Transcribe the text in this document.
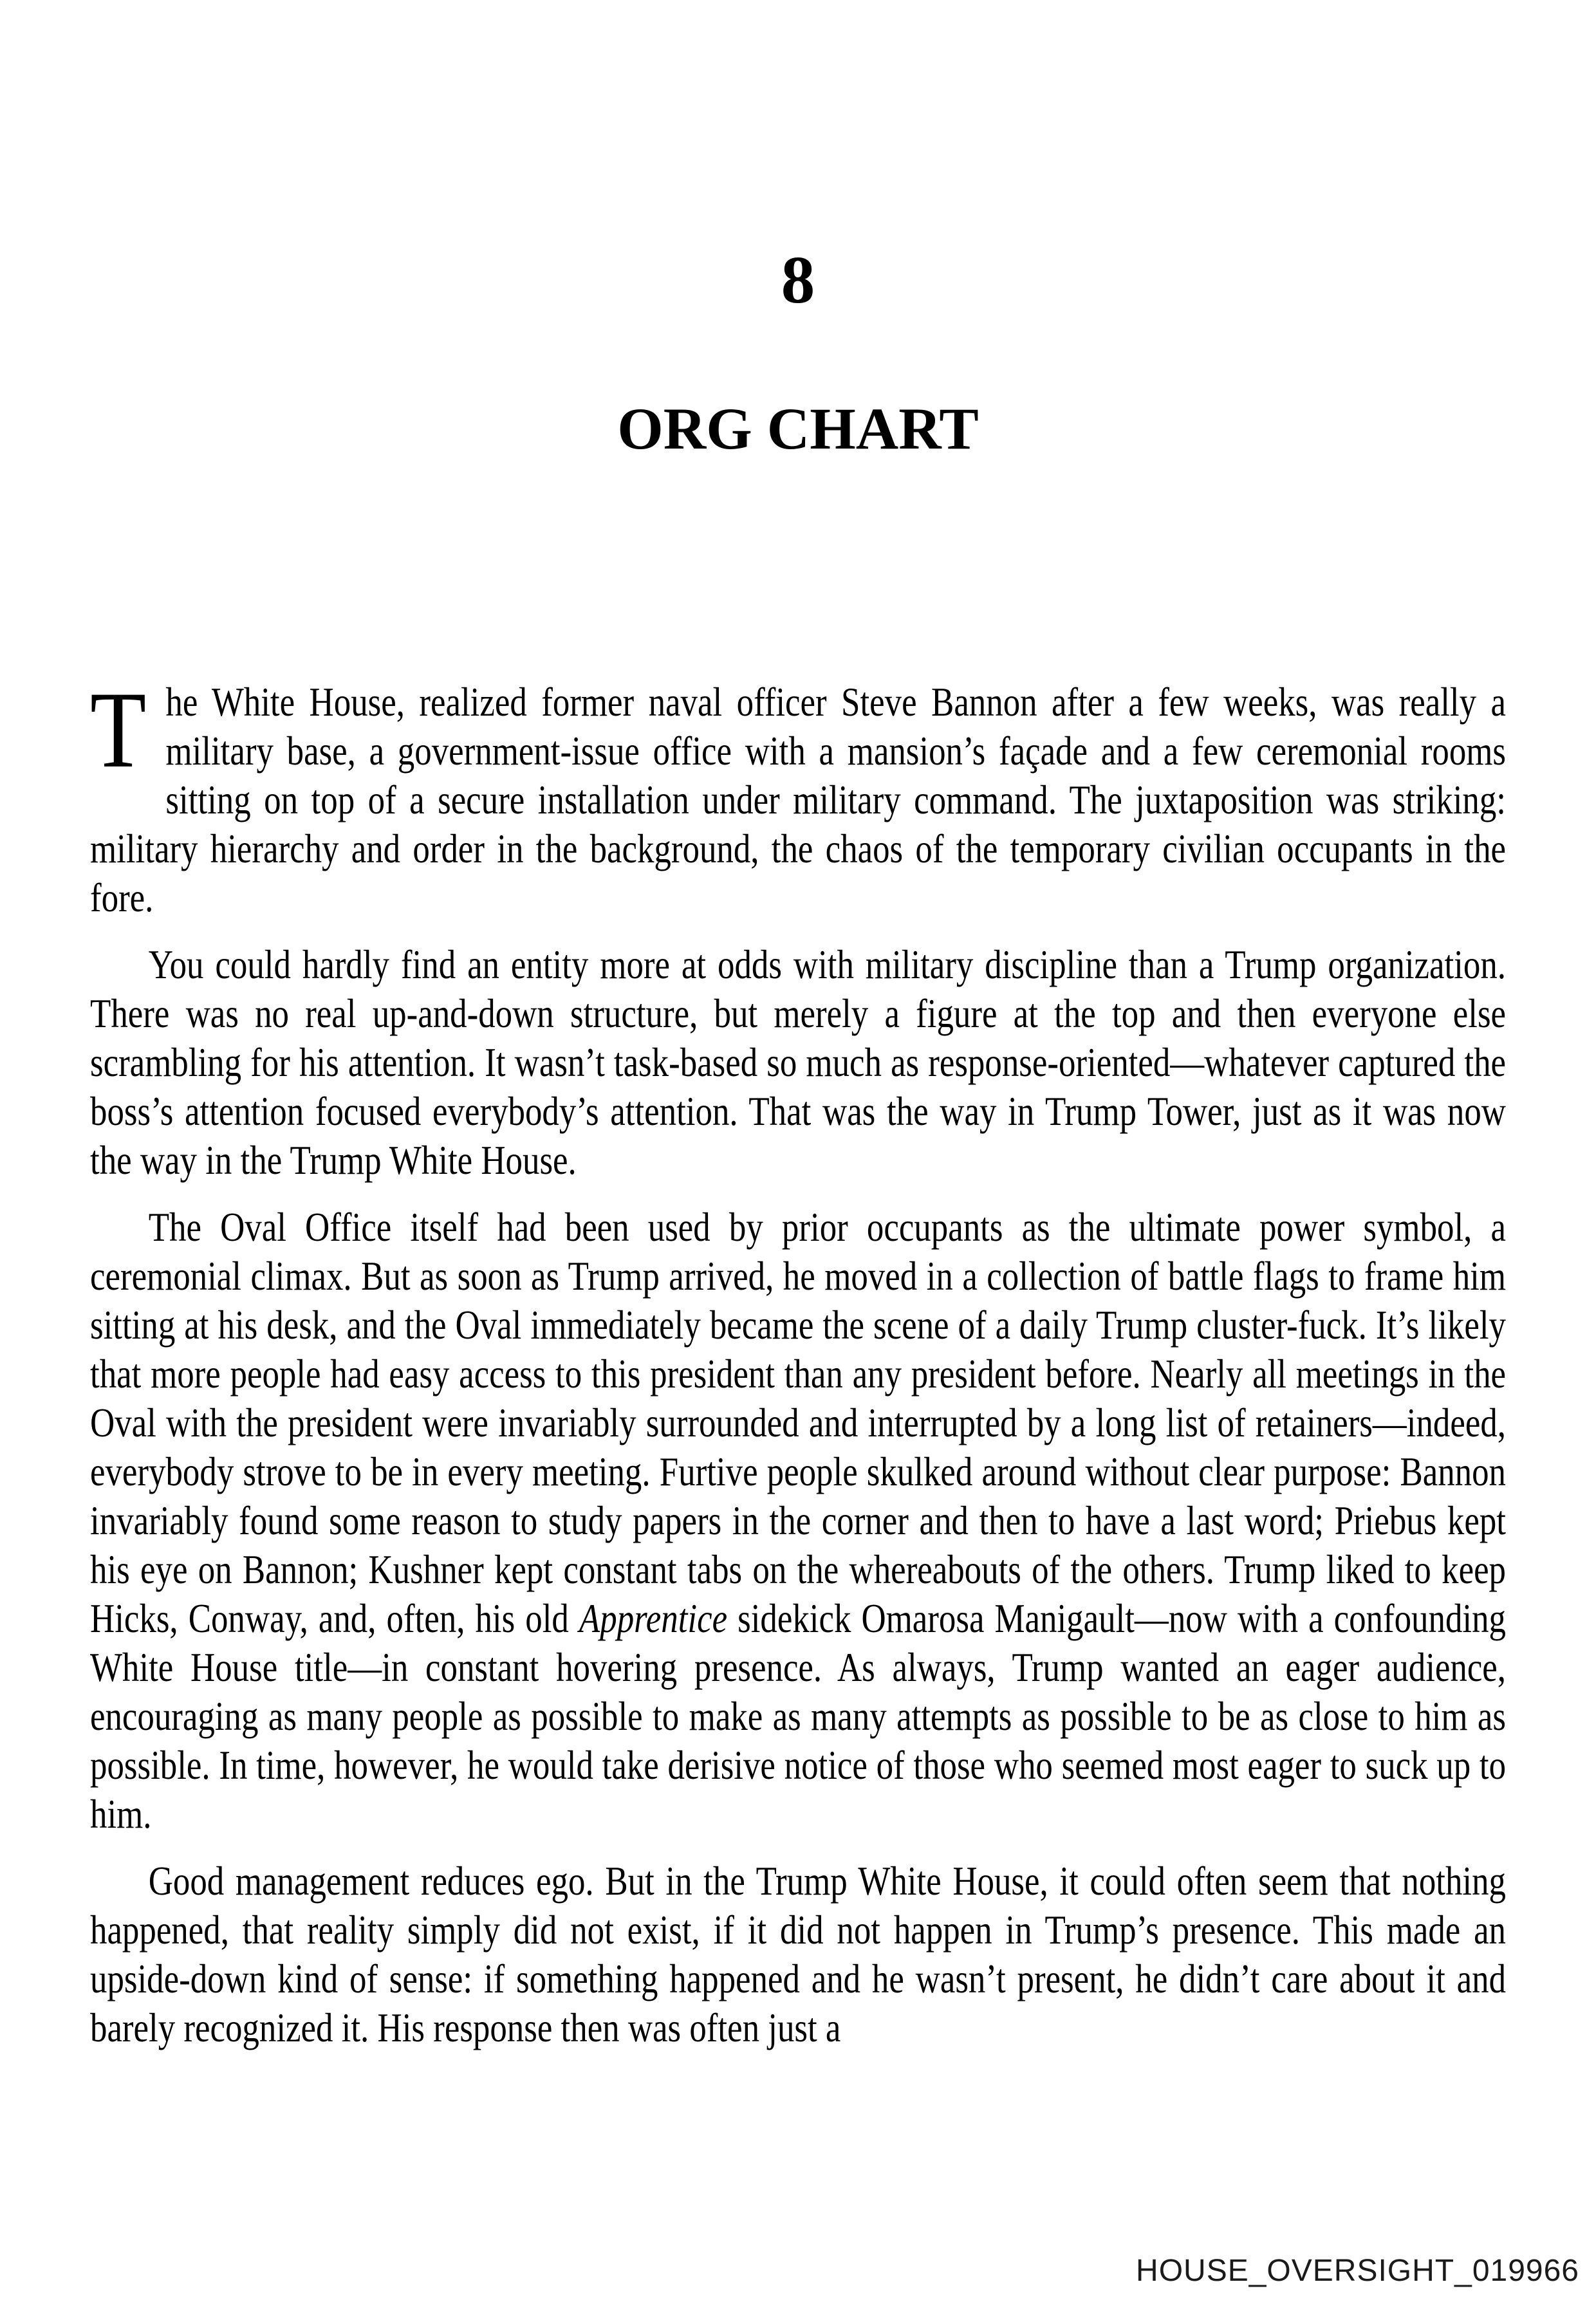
8
ORG CHART

The White House, realized former naval officer Steve Bannon after a few weeks, was really a military base, a government-issue office with a mansion’s façade and a few ceremonial rooms sitting on top of a secure installation under military command. The juxtaposition was striking: military hierarchy and order in the background, the chaos of the temporary civilian occupants in the fore.

You could hardly find an entity more at odds with military discipline than a Trump organization. There was no real up-and-down structure, but merely a figure at the top and then everyone else scrambling for his attention. It wasn’t task-based so much as response-oriented—whatever captured the boss’s attention focused everybody’s attention. That was the way in Trump Tower, just as it was now the way in the Trump White House.

The Oval Office itself had been used by prior occupants as the ultimate power symbol, a ceremonial climax. But as soon as Trump arrived, he moved in a collection of battle flags to frame him sitting at his desk, and the Oval immediately became the scene of a daily Trump cluster-fuck. It’s likely that more people had easy access to this president than any president before. Nearly all meetings in the Oval with the president were invariably surrounded and interrupted by a long list of retainers—indeed, everybody strove to be in every meeting. Furtive people skulked around without clear purpose: Bannon invariably found some reason to study papers in the corner and then to have a last word; Priebus kept his eye on Bannon; Kushner kept constant tabs on the whereabouts of the others. Trump liked to keep Hicks, Conway, and, often, his old Apprentice sidekick Omarosa Manigault—now with a confounding White House title—in constant hovering presence. As always, Trump wanted an eager audience, encouraging as many people as possible to make as many attempts as possible to be as close to him as possible. In time, however, he would take derisive notice of those who seemed most eager to suck up to him.

Good management reduces ego. But in the Trump White House, it could often seem that nothing happened, that reality simply did not exist, if it did not happen in Trump’s presence. This made an upside-down kind of sense: if something happened and he wasn’t present, he didn’t care about it and barely recognized it. His response then was often just a

HOUSE_OVERSIGHT_019966
